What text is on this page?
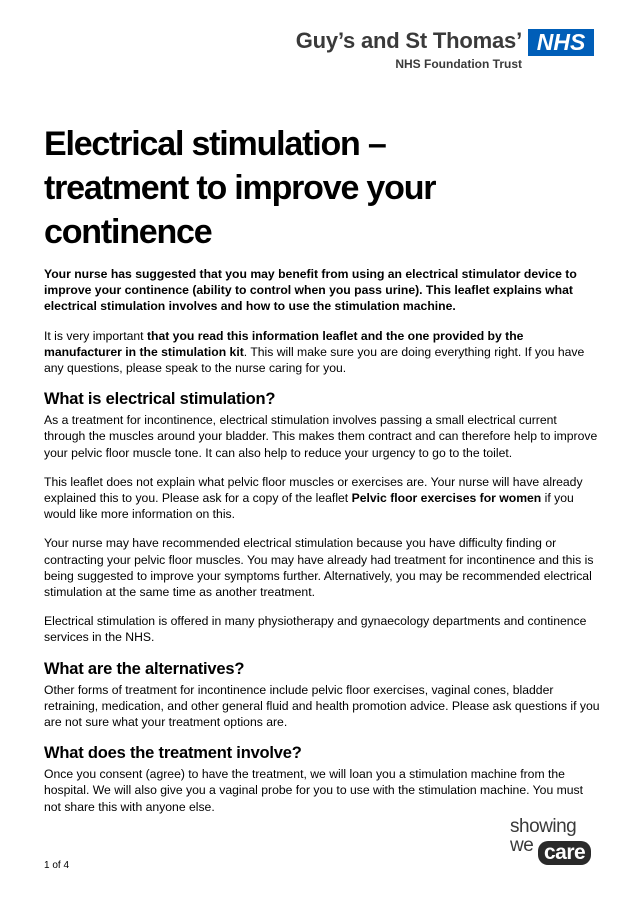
Guy’s and St Thomas’ NHS
NHS Foundation Trust
Electrical stimulation – treatment to improve your continence

Your nurse has suggested that you may benefit from using an electrical stimulator device to improve your continence (ability to control when you pass urine). This leaflet explains what electrical stimulation involves and how to use the stimulation machine.

It is very important that you read this information leaflet and the one provided by the manufacturer in the stimulation kit. This will make sure you are doing everything right. If you have any questions, please speak to the nurse caring for you.

What is electrical stimulation?

As a treatment for incontinence, electrical stimulation involves passing a small electrical current through the muscles around your bladder. This makes them contract and can therefore help to improve your pelvic floor muscle tone. It can also help to reduce your urgency to go to the toilet.

This leaflet does not explain what pelvic floor muscles or exercises are. Your nurse will have already explained this to you. Please ask for a copy of the leaflet Pelvic floor exercises for women if you would like more information on this.

Your nurse may have recommended electrical stimulation because you have difficulty finding or contracting your pelvic floor muscles. You may have already had treatment for incontinence and this is being suggested to improve your symptoms further. Alternatively, you may be recommended electrical stimulation at the same time as another treatment.

Electrical stimulation is offered in many physiotherapy and gynaecology departments and continence services in the NHS.

What are the alternatives?

Other forms of treatment for incontinence include pelvic floor exercises, vaginal cones, bladder retraining, medication, and other general fluid and health promotion advice. Please ask questions if you are not sure what your treatment options are.

What does the treatment involve?

Once you consent (agree) to have the treatment, we will loan you a stimulation machine from the hospital. We will also give you a vaginal probe for you to use with the stimulation machine. You must not share this with anyone else.

1 of 4
showing
we care
